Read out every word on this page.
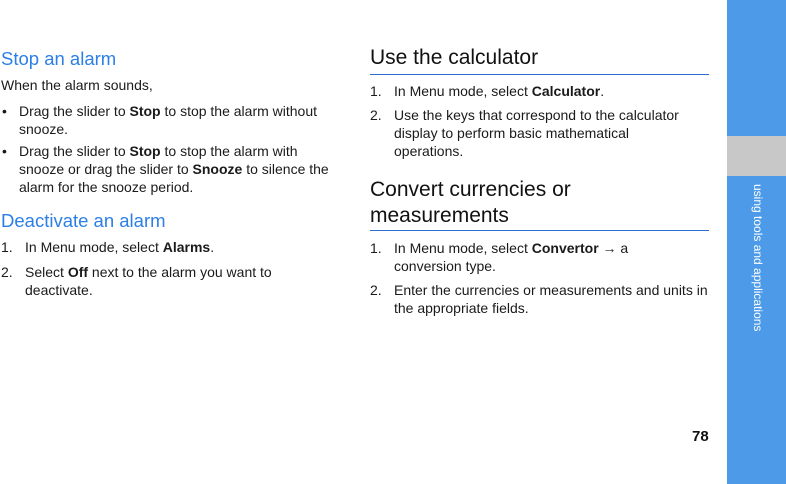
Stop an alarm

When the alarm sounds,

• Drag the slider to Stop to stop the alarm without snooze.
• Drag the slider to Stop to stop the alarm with snooze or drag the slider to Snooze to silence the alarm for the snooze period.
Deactivate an alarm
1. In Menu mode, select Alarms.
2. Select Off next to the alarm you want to deactivate.
Use the calculator
1. In Menu mode, select Calculator.
2. Use the keys that correspond to the calculator display to perform basic mathematical operations.
Convert currencies or measurements
1. In Menu mode, select Convertor → a conversion type.
2. Enter the currencies or measurements and units in the appropriate fields.	using tools and applications
78
